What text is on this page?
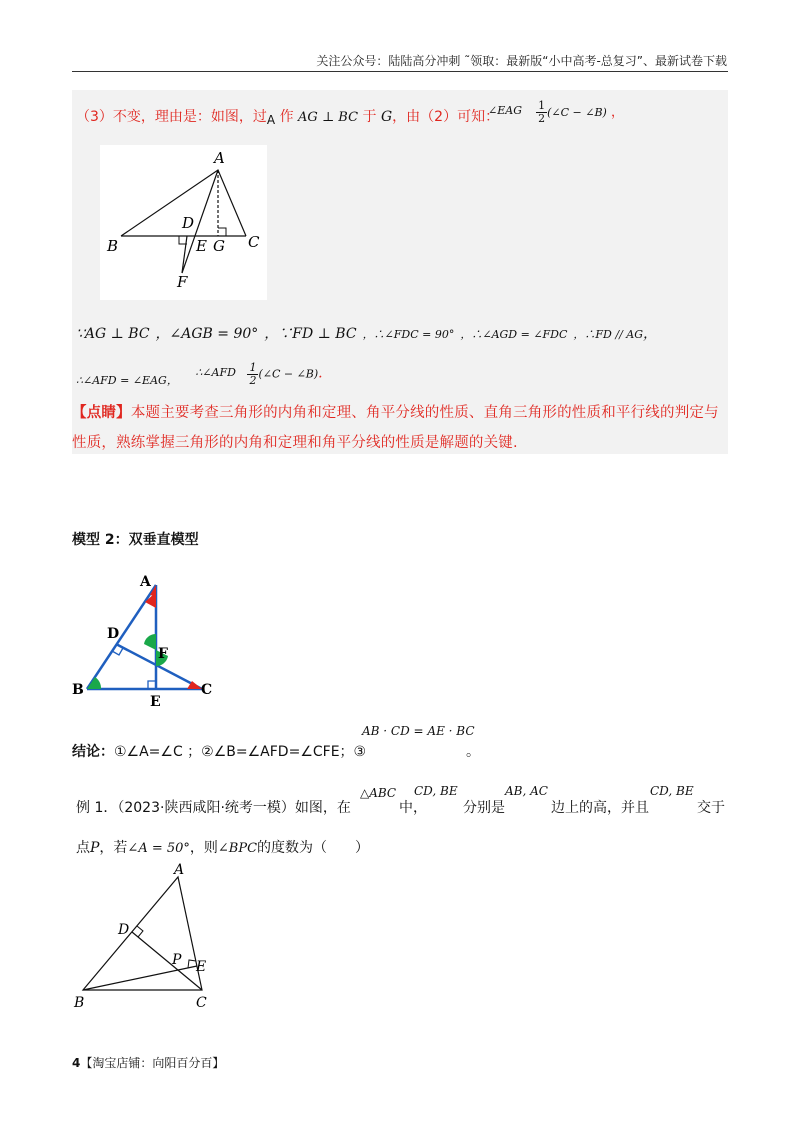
关注公众号：陆陆高分冲刺 ˜领取：最新版“小中高考-总复习”、最新试卷下载
（3）不变，理由是：如图，过A 作 AG ⊥ BC 于 G，由（2）可知：
∠EAG $\frac{1}{2}$ (∠C − ∠B) ，
A
D
B	E G C
F
∵AG ⊥ BC ，∠AGB = 90° ，∵FD ⊥ BC ，∴∠FDC = 90° ，∴∠AGD = ∠FDC ，∴FD // AG，
∴∠AFD = ∠EAG， ∴∠AFD $\frac{1}{2}$ (∠C − ∠B).
【点睛】本题主要考查三角形的内角和定理、角平分线的性质、直角三角形的性质和平行线的判定与性质，熟练掌握三角形的内角和定理和角平分线的性质是解题的关键.
模型 2：双垂直模型
A
D
F
B
E
C
AB · CD = AE · BC
结论：①∠A=∠C ；②∠B=∠AFD=∠CFE；③	。
例 1．（2023·陕西咸阳·统考一模）如图，在
△ABC
中，
CD, BE
分别是
AB, AC
边上的高，并且
CD, BE
交于
点P，若∠A = 50°，则∠BPC的度数为（　　）
A
D
P E
B	C
4【淘宝店铺：向阳百分百】
